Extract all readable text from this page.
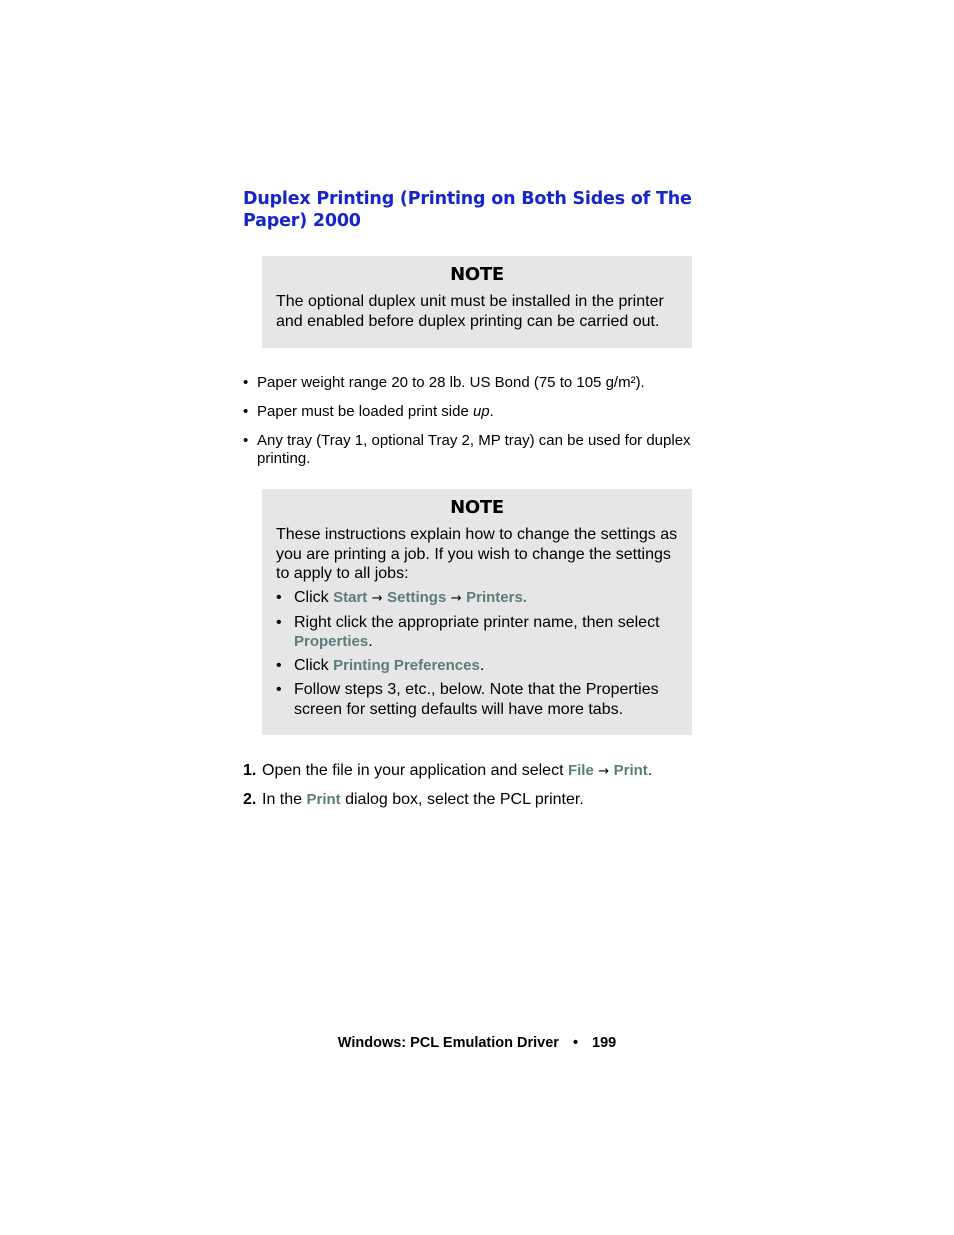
Duplex Printing (Printing on Both Sides of The Paper) 2000
NOTE

The optional duplex unit must be installed in the printer and enabled before duplex printing can be carried out.

• Paper weight range 20 to 28 lb. US Bond (75 to 105 g/m²).
• Paper must be loaded print side up.
• Any tray (Tray 1, optional Tray 2, MP tray) can be used for duplex printing.
NOTE

These instructions explain how to change the settings as you are printing a job. If you wish to change the settings to apply to all jobs:

• Click Start → Settings → Printers.
• Right click the appropriate printer name, then select Properties.
• Click Printing Preferences.
• Follow steps 3, etc., below. Note that the Properties screen for setting defaults will have more tabs.
1. Open the file in your application and select File → Print.
2. In the Print dialog box, select the PCL printer.
Windows: PCL Emulation Driver • 199
